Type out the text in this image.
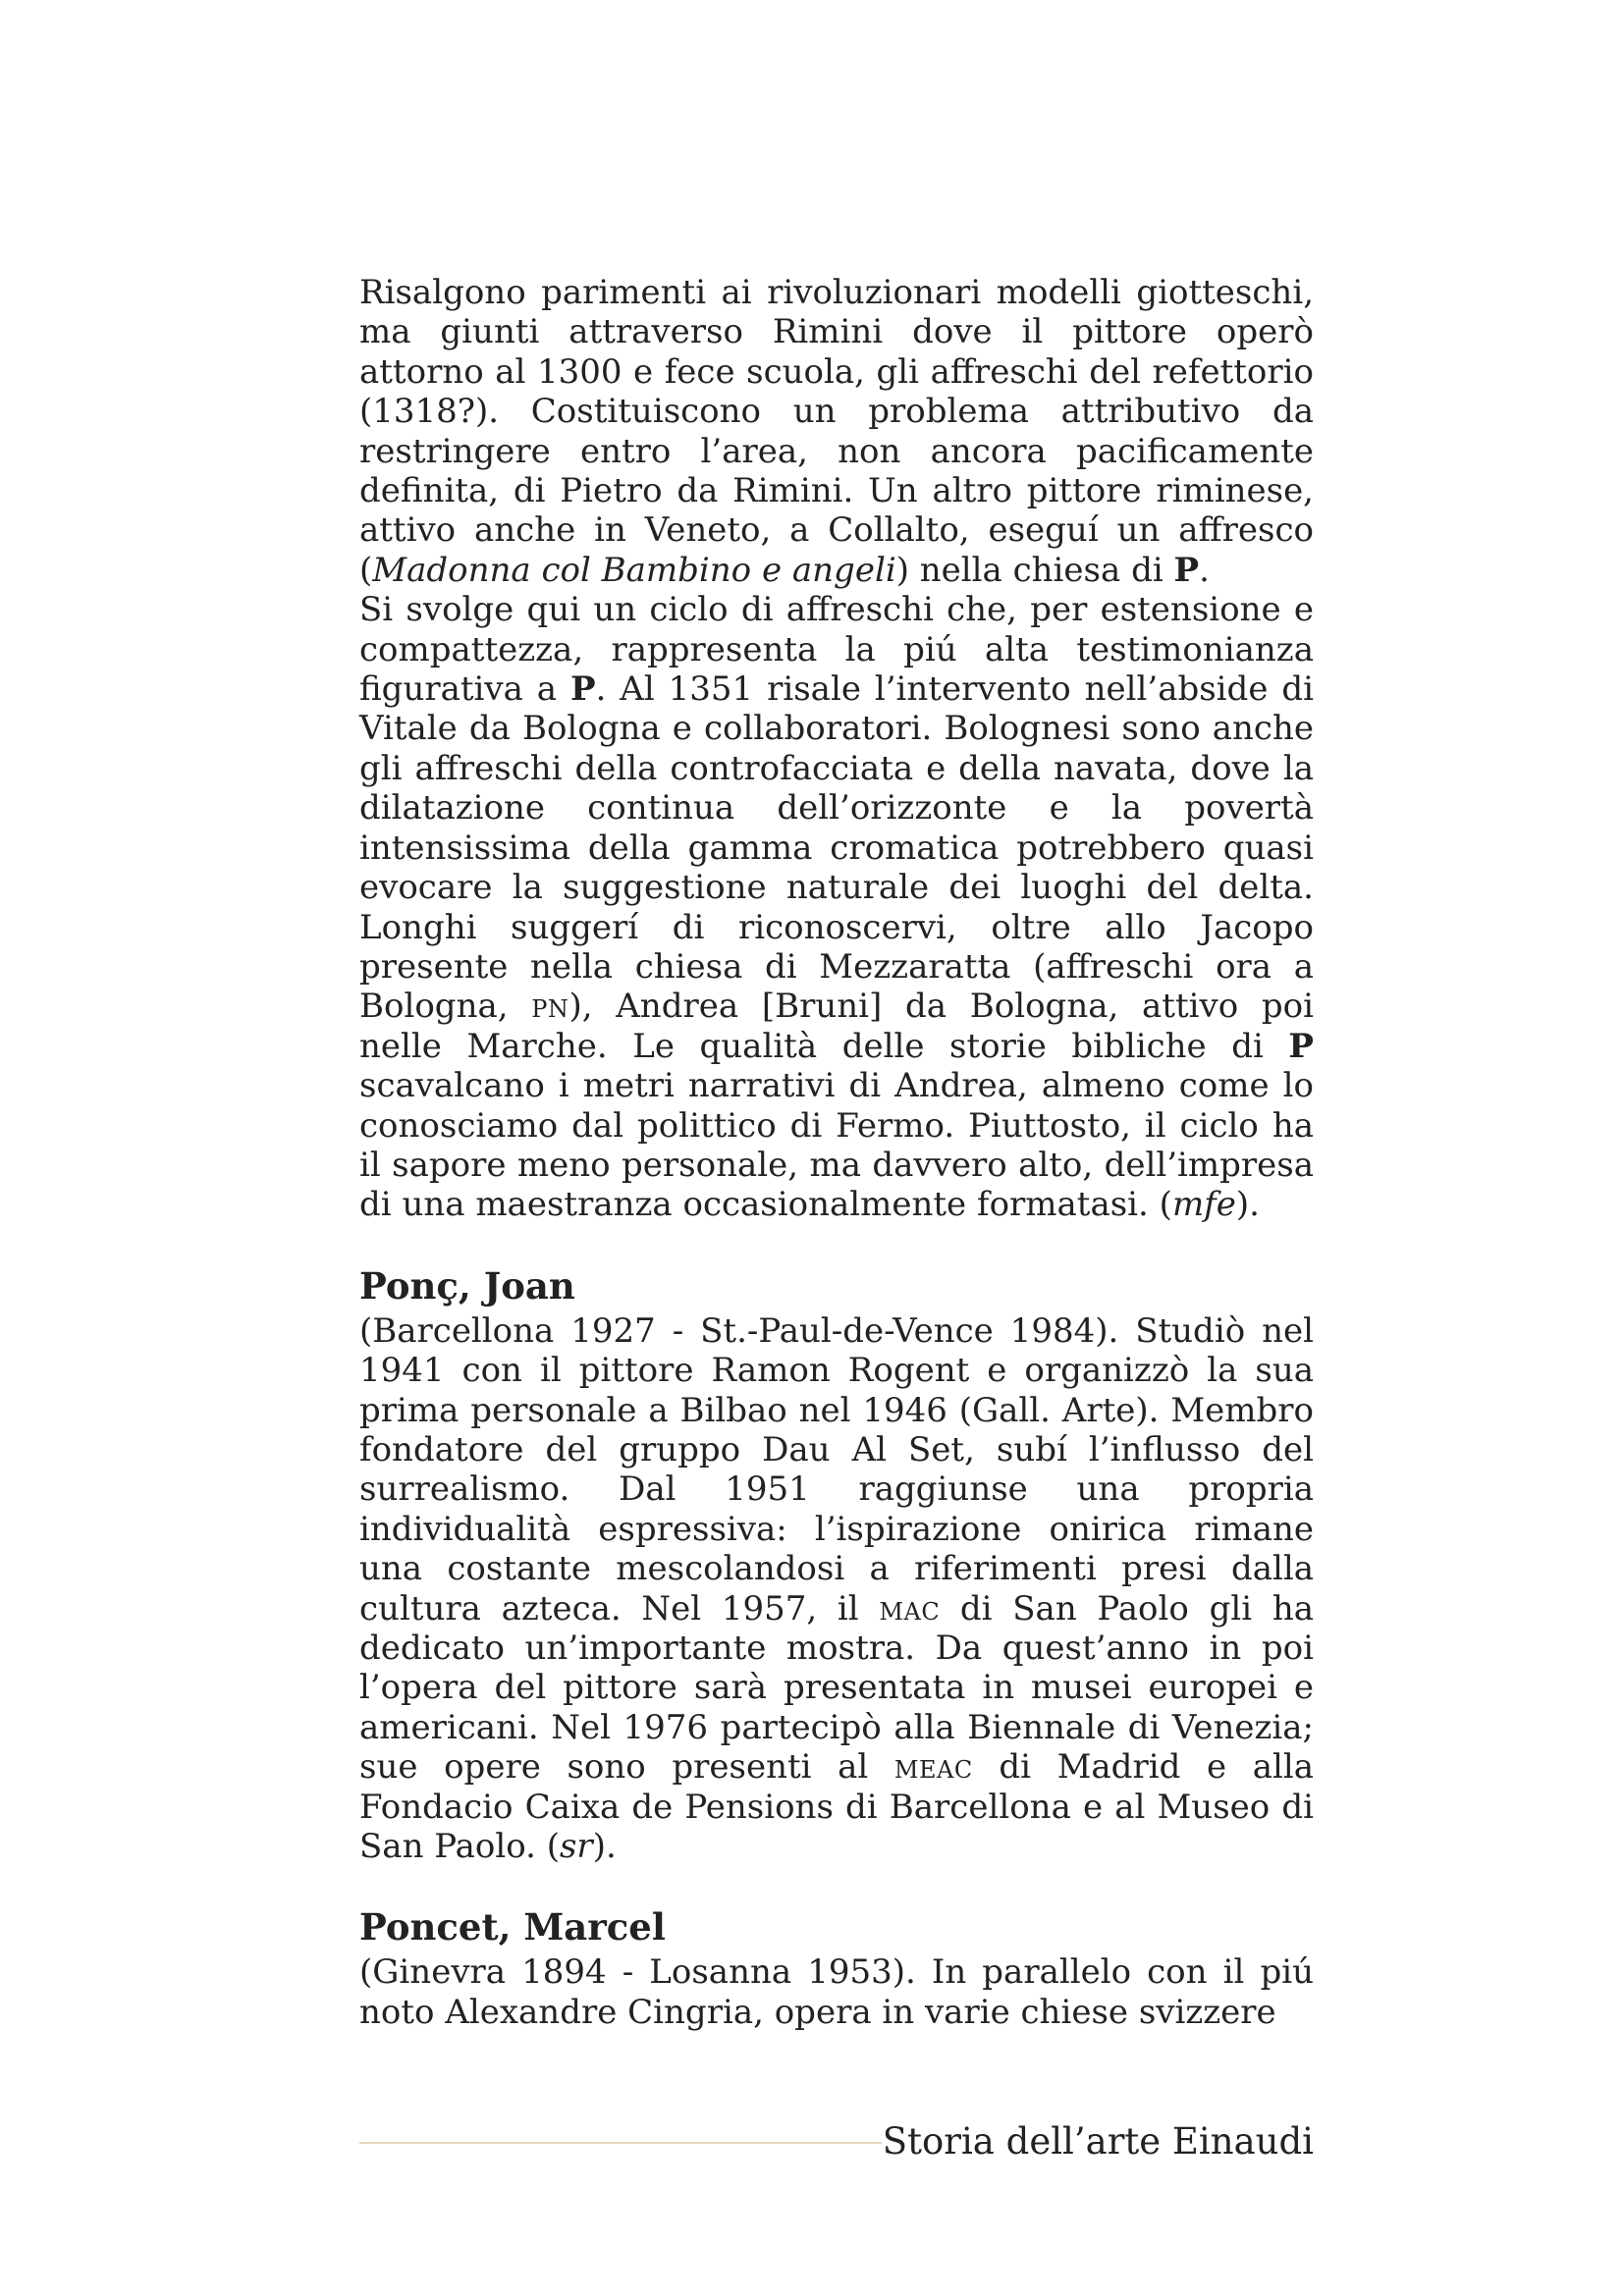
Risalgono parimenti ai rivoluzionari modelli giotteschi, ma giunti attraverso Rimini dove il pittore operò attorno al 1300 e fece scuola, gli affreschi del refettorio (1318?). Costituiscono un problema attributivo da restringere entro l’area, non ancora pacificamente definita, di Pietro da Rimini. Un altro pittore riminese, attivo anche in Veneto, a Collalto, eseguí un affresco (Madonna col Bambino e angeli) nella chiesa di P.

Si svolge qui un ciclo di affreschi che, per estensione e compattezza, rappresenta la piú alta testimonianza figurativa a P. Al 1351 risale l’intervento nell’abside di Vitale da Bologna e collaboratori. Bolognesi sono anche gli affreschi della controfacciata e della navata, dove la dilatazione continua dell’orizzonte e la povertà intensissima della gamma cromatica potrebbero quasi evocare la suggestione naturale dei luoghi del delta. Longhi suggerí di riconoscervi, oltre allo Jacopo presente nella chiesa di Mezzaratta (affreschi ora a Bologna, pn), Andrea [Bruni] da Bologna, attivo poi nelle Marche. Le qualità delle storie bibliche di P scavalcano i metri narrativi di Andrea, almeno come lo conosciamo dal polittico di Fermo. Piuttosto, il ciclo ha il sapore meno personale, ma davvero alto, dell’impresa di una maestranza occasionalmente formatasi. (mfe).

Ponç, Joan

(Barcellona 1927 - St.-Paul-de-Vence 1984). Studiò nel 1941 con il pittore Ramon Rogent e organizzò la sua prima personale a Bilbao nel 1946 (Gall. Arte). Membro fondatore del gruppo Dau Al Set, subí l’influsso del surrealismo. Dal 1951 raggiunse una propria individualità espressiva: l’ispirazione onirica rimane una costante mescolandosi a riferimenti presi dalla cultura azteca. Nel 1957, il mac di San Paolo gli ha dedicato un’importante mostra. Da quest’anno in poi l’opera del pittore sarà presentata in musei europei e americani. Nel 1976 partecipò alla Biennale di Venezia; sue opere sono presenti al meac di Madrid e alla Fondacio Caixa de Pensions di Barcellona e al Museo di San Paolo. (sr).

Poncet, Marcel

(Ginevra 1894 - Losanna 1953). In parallelo con il piú noto Alexandre Cingria, opera in varie chiese svizzere

Storia dell’arte Einaudi
